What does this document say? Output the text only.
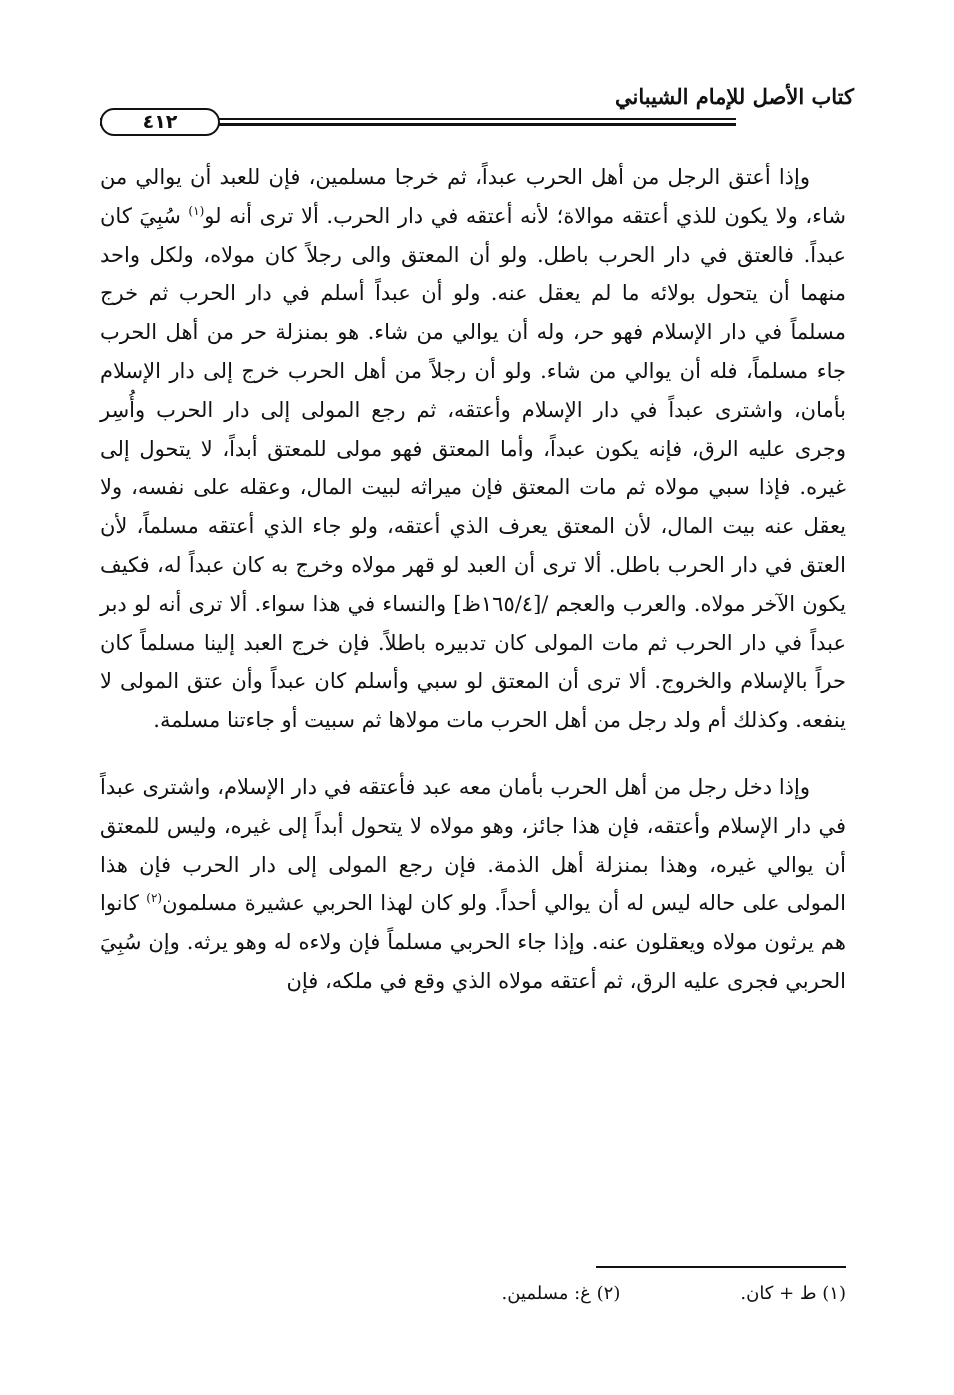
كتاب الأصل للإمام الشيباني
٤١٢

وإذا أعتق الرجل من أهل الحرب عبداً، ثم خرجا مسلمين، فإن للعبد أن يوالي من شاء، ولا يكون للذي أعتقه موالاة؛ لأنه أعتقه في دار الحرب. ألا ترى أنه لو$^{(١)}$ سُبِيَ كان عبداً. فالعتق في دار الحرب باطل. ولو أن المعتق والى رجلاً كان مولاه، ولكل واحد منهما أن يتحول بولائه ما لم يعقل عنه. ولو أن عبداً أسلم في دار الحرب ثم خرج مسلماً في دار الإسلام فهو حر، وله أن يوالي من شاء. هو بمنزلة حر من أهل الحرب جاء مسلماً، فله أن يوالي من شاء. ولو أن رجلاً من أهل الحرب خرج إلى دار الإسلام بأمان، واشترى عبداً في دار الإسلام وأعتقه، ثم رجع المولى إلى دار الحرب وأُسِر وجرى عليه الرق، فإنه يكون عبداً، وأما المعتق فهو مولى للمعتق أبداً، لا يتحول إلى غيره. فإذا سبي مولاه ثم مات المعتق فإن ميراثه لبيت المال، وعقله على نفسه، ولا يعقل عنه بيت المال، لأن المعتق يعرف الذي أعتقه، ولو جاء الذي أعتقه مسلماً، لأن العتق في دار الحرب باطل. ألا ترى أن العبد لو قهر مولاه وخرج به كان عبداً له، فكيف يكون الآخر مولاه. والعرب والعجم /[١٦٥/٤ظ] والنساء في هذا سواء. ألا ترى أنه لو دبر عبداً في دار الحرب ثم مات المولى كان تدبيره باطلاً. فإن خرج العبد إلينا مسلماً كان حراً بالإسلام والخروج. ألا ترى أن المعتق لو سبي وأسلم كان عبداً وأن عتق المولى لا ينفعه. وكذلك أم ولد رجل من أهل الحرب مات مولاها ثم سبيت أو جاءتنا مسلمة.

وإذا دخل رجل من أهل الحرب بأمان معه عبد فأعتقه في دار الإسلام، واشترى عبداً في دار الإسلام وأعتقه، فإن هذا جائز، وهو مولاه لا يتحول أبداً إلى غيره، وليس للمعتق أن يوالي غيره، وهذا بمنزلة أهل الذمة. فإن رجع المولى إلى دار الحرب فإن هذا المولى على حاله ليس له أن يوالي أحداً. ولو كان لهذا الحربي عشيرة مسلمون$^{(٢)}$ كانوا هم يرثون مولاه ويعقلون عنه. وإذا جاء الحربي مسلماً فإن ولاءه له وهو يرثه. وإن سُبِيَ الحربي فجرى عليه الرق، ثم أعتقه مولاه الذي وقع في ملكه، فإن

(١) ط + كان.
(٢) غ: مسلمين.
